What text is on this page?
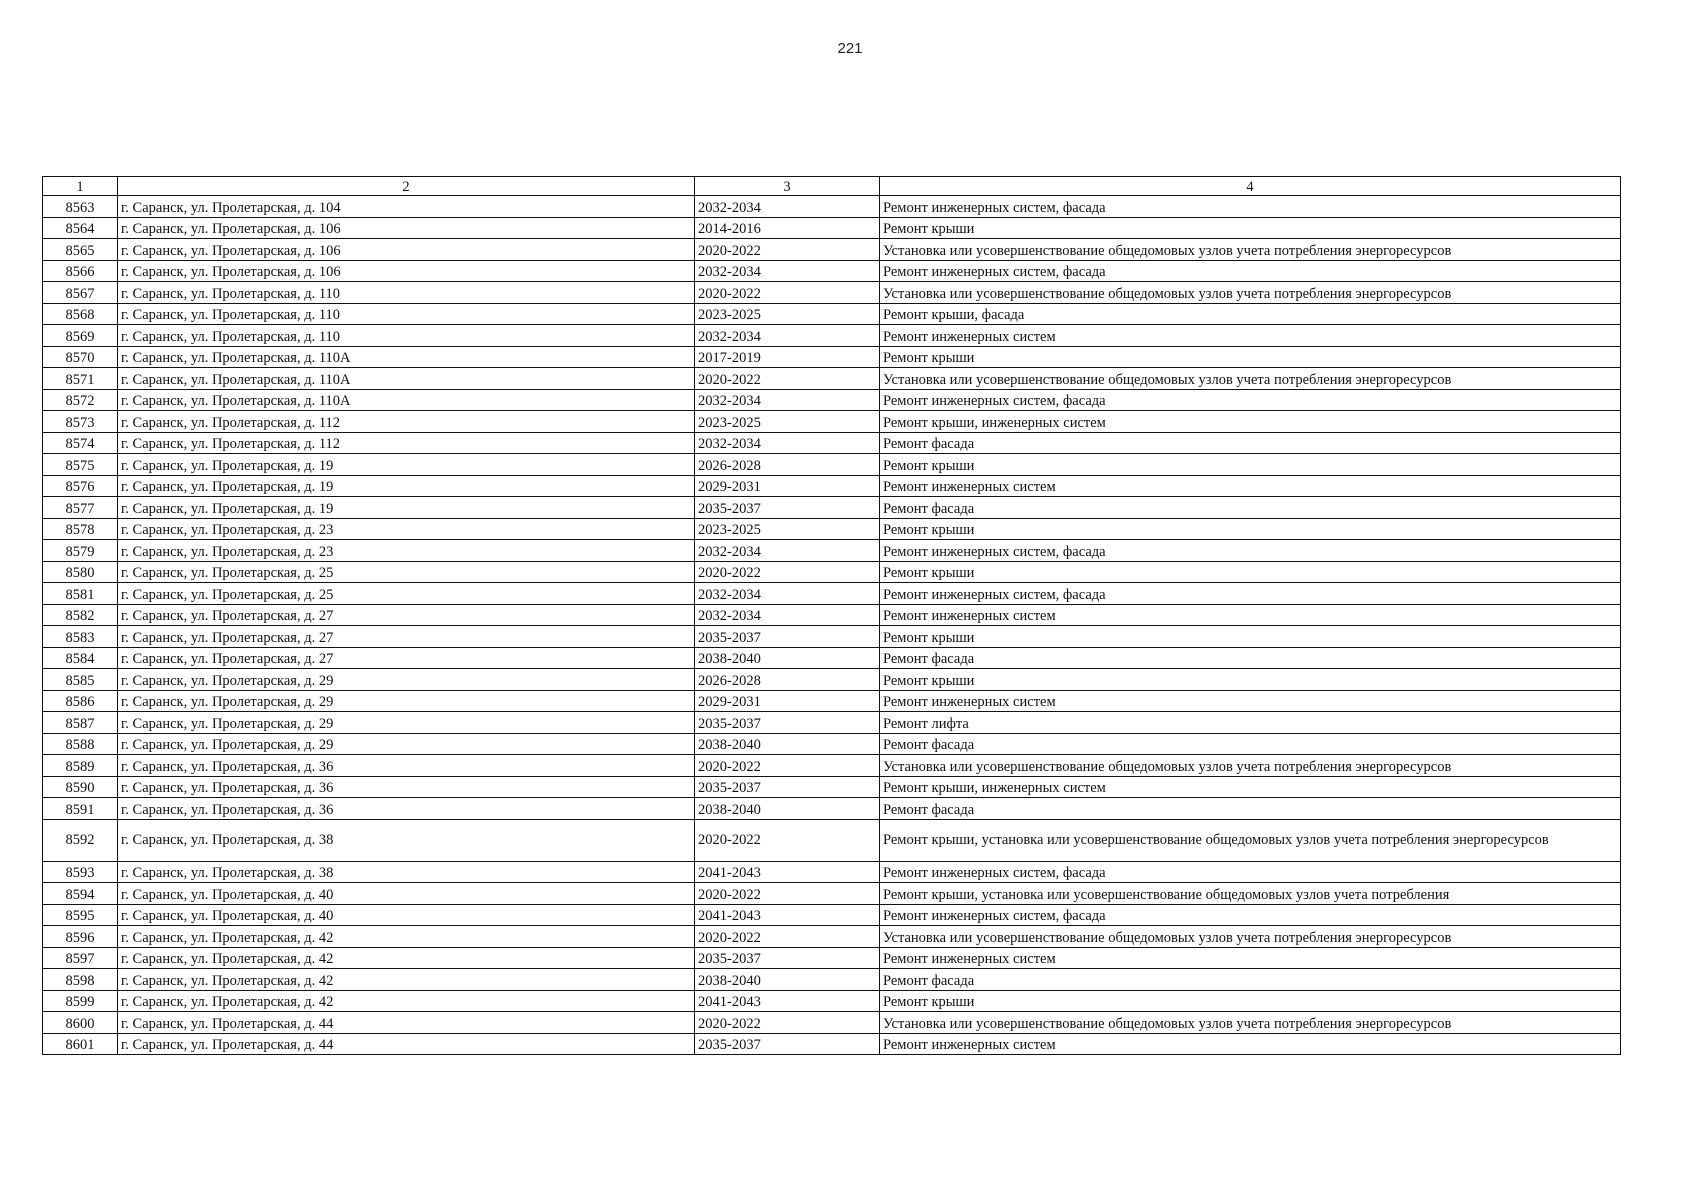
221
1	2	3	4
8563	г. Саранск, ул. Пролетарская, д. 104	2032-2034	Ремонт инженерных систем, фасада
8564	г. Саранск, ул. Пролетарская, д. 106	2014-2016	Ремонт крыши
8565	г. Саранск, ул. Пролетарская, д. 106	2020-2022	Установка или усовершенствование общедомовых узлов учета потребления энергоресурсов
8566	г. Саранск, ул. Пролетарская, д. 106	2032-2034	Ремонт инженерных систем, фасада
8567	г. Саранск, ул. Пролетарская, д. 110	2020-2022	Установка или усовершенствование общедомовых узлов учета потребления энергоресурсов
8568	г. Саранск, ул. Пролетарская, д. 110	2023-2025	Ремонт крыши, фасада
8569	г. Саранск, ул. Пролетарская, д. 110	2032-2034	Ремонт инженерных систем
8570	г. Саранск, ул. Пролетарская, д. 110А	2017-2019	Ремонт крыши
8571	г. Саранск, ул. Пролетарская, д. 110А	2020-2022	Установка или усовершенствование общедомовых узлов учета потребления энергоресурсов
8572	г. Саранск, ул. Пролетарская, д. 110А	2032-2034	Ремонт инженерных систем, фасада
8573	г. Саранск, ул. Пролетарская, д. 112	2023-2025	Ремонт крыши, инженерных систем
8574	г. Саранск, ул. Пролетарская, д. 112	2032-2034	Ремонт фасада
8575	г. Саранск, ул. Пролетарская, д. 19	2026-2028	Ремонт крыши
8576	г. Саранск, ул. Пролетарская, д. 19	2029-2031	Ремонт инженерных систем
8577	г. Саранск, ул. Пролетарская, д. 19	2035-2037	Ремонт фасада
8578	г. Саранск, ул. Пролетарская, д. 23	2023-2025	Ремонт крыши
8579	г. Саранск, ул. Пролетарская, д. 23	2032-2034	Ремонт инженерных систем, фасада
8580	г. Саранск, ул. Пролетарская, д. 25	2020-2022	Ремонт крыши
8581	г. Саранск, ул. Пролетарская, д. 25	2032-2034	Ремонт инженерных систем, фасада
8582	г. Саранск, ул. Пролетарская, д. 27	2032-2034	Ремонт инженерных систем
8583	г. Саранск, ул. Пролетарская, д. 27	2035-2037	Ремонт крыши
8584	г. Саранск, ул. Пролетарская, д. 27	2038-2040	Ремонт фасада
8585	г. Саранск, ул. Пролетарская, д. 29	2026-2028	Ремонт крыши
8586	г. Саранск, ул. Пролетарская, д. 29	2029-2031	Ремонт инженерных систем
8587	г. Саранск, ул. Пролетарская, д. 29	2035-2037	Ремонт лифта
8588	г. Саранск, ул. Пролетарская, д. 29	2038-2040	Ремонт фасада
8589	г. Саранск, ул. Пролетарская, д. 36	2020-2022	Установка или усовершенствование общедомовых узлов учета потребления энергоресурсов
8590	г. Саранск, ул. Пролетарская, д. 36	2035-2037	Ремонт крыши, инженерных систем
8591	г. Саранск, ул. Пролетарская, д. 36	2038-2040	Ремонт фасада
8592	г. Саранск, ул. Пролетарская, д. 38	2020-2022	Ремонт крыши, установка или усовершенствование общедомовых узлов учета потребления энергоресурсов
8593	г. Саранск, ул. Пролетарская, д. 38	2041-2043	Ремонт инженерных систем, фасада
8594	г. Саранск, ул. Пролетарская, д. 40	2020-2022	Ремонт крыши, установка или усовершенствование общедомовых узлов учета потребления
8595	г. Саранск, ул. Пролетарская, д. 40	2041-2043	Ремонт инженерных систем, фасада
8596	г. Саранск, ул. Пролетарская, д. 42	2020-2022	Установка или усовершенствование общедомовых узлов учета потребления энергоресурсов
8597	г. Саранск, ул. Пролетарская, д. 42	2035-2037	Ремонт инженерных систем
8598	г. Саранск, ул. Пролетарская, д. 42	2038-2040	Ремонт фасада
8599	г. Саранск, ул. Пролетарская, д. 42	2041-2043	Ремонт крыши
8600	г. Саранск, ул. Пролетарская, д. 44	2020-2022	Установка или усовершенствование общедомовых узлов учета потребления энергоресурсов
8601	г. Саранск, ул. Пролетарская, д. 44	2035-2037	Ремонт инженерных систем
